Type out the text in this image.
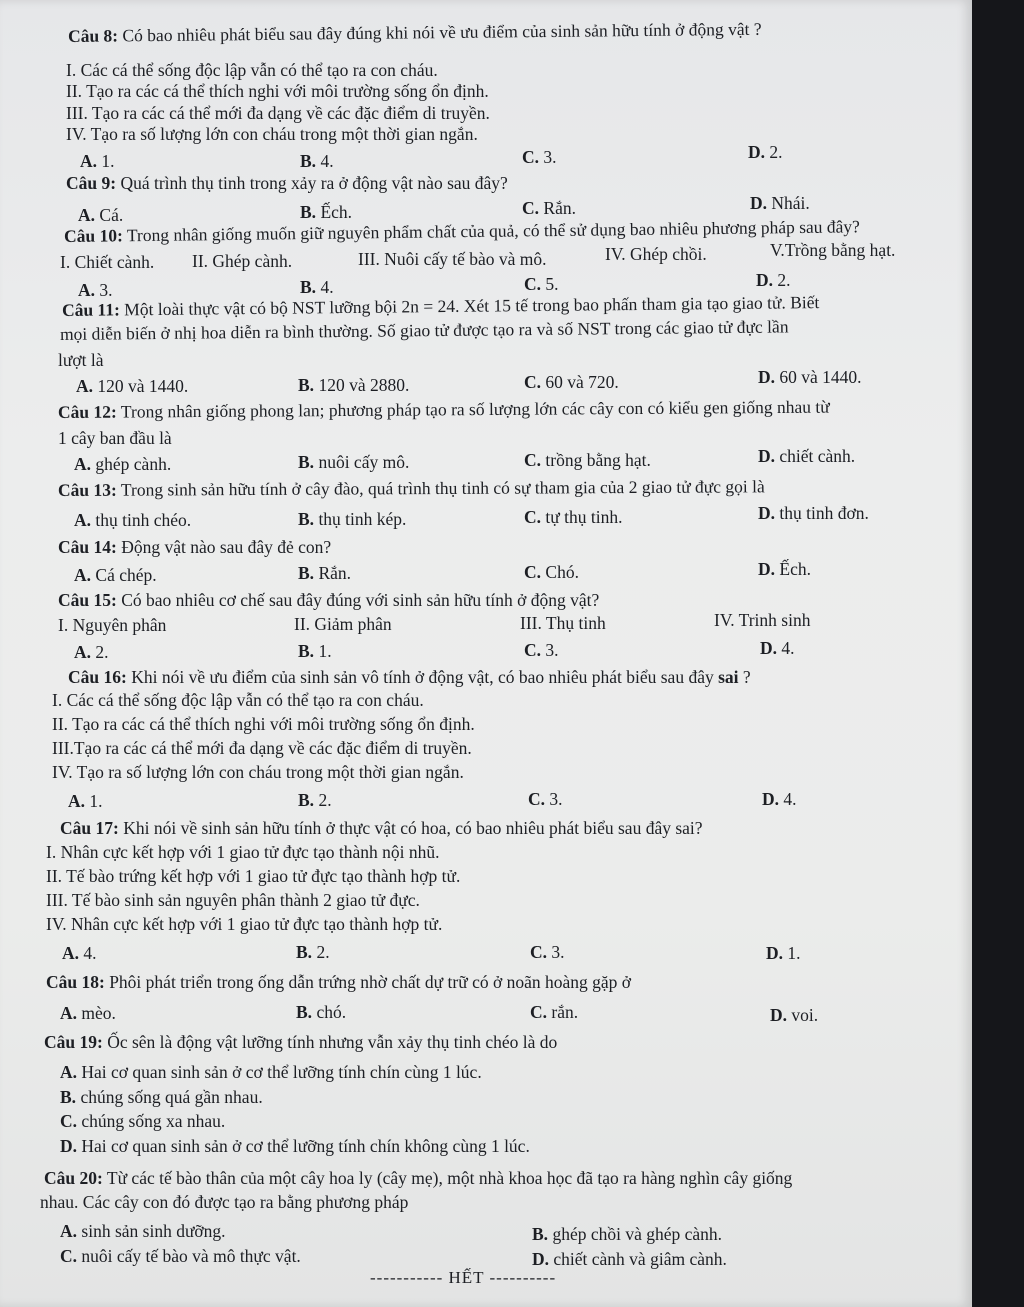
Câu 8: Có bao nhiêu phát biểu sau đây đúng khi nói về ưu điểm của sinh sản hữu tính ở động vật ?
I. Các cá thể sống độc lập vẫn có thể tạo ra con cháu.
II. Tạo ra các cá thể thích nghi với môi trường sống ổn định.
III. Tạo ra các cá thể mới đa dạng về các đặc điểm di truyền.
IV. Tạo ra số lượng lớn con cháu trong một thời gian ngắn.
A. 1.	B. 4.	C. 3.	D. 2.
Câu 9: Quá trình thụ tinh trong xảy ra ở động vật nào sau đây?
A. Cá.	B. Ếch.	C. Rắn.	D. Nhái.
Câu 10: Trong nhân giống muốn giữ nguyên phẩm chất của quả, có thể sử dụng bao nhiêu phương pháp sau đây?
I. Chiết cành. II. Ghép cành.	III. Nuôi cấy tế bào và mô.	IV. Ghép chồi.	V.Trồng bằng hạt.
A. 3.	B. 4.	C. 5.	D. 2.
Câu 11: Một loài thực vật có bộ NST lưỡng bội 2n = 24. Xét 15 tế trong bao phấn tham gia tạo giao tử. Biết
mọi diễn biến ở nhị hoa diễn ra bình thường. Số giao tử được tạo ra và số NST trong các giao tử đực lần
lượt là
A. 120 và 1440.	B. 120 và 2880.	C. 60 và 720.	D. 60 và 1440.
Câu 12: Trong nhân giống phong lan; phương pháp tạo ra số lượng lớn các cây con có kiểu gen giống nhau từ
1 cây ban đầu là
A. ghép cành.	B. nuôi cấy mô.	C. trồng bằng hạt.	D. chiết cành.
Câu 13: Trong sinh sản hữu tính ở cây đào, quá trình thụ tinh có sự tham gia của 2 giao tử đực gọi là
A. thụ tinh chéo.	B. thụ tinh kép.	C. tự thụ tinh.	D. thụ tinh đơn.
Câu 14: Động vật nào sau đây đẻ con?
A. Cá chép.	B. Rắn.	C. Chó.	D. Ếch.
Câu 15: Có bao nhiêu cơ chế sau đây đúng với sinh sản hữu tính ở động vật?
I. Nguyên phân	II. Giảm phân	III. Thụ tinh	IV. Trinh sinh
A. 2.	B. 1.	C. 3.	D. 4.
Câu 16: Khi nói về ưu điểm của sinh sản vô tính ở động vật, có bao nhiêu phát biểu sau đây sai ?
I. Các cá thể sống độc lập vẫn có thể tạo ra con cháu.
II. Tạo ra các cá thể thích nghi với môi trường sống ổn định.
III.Tạo ra các cá thể mới đa dạng về các đặc điểm di truyền.
IV. Tạo ra số lượng lớn con cháu trong một thời gian ngắn.
A. 1.	B. 2.	C. 3.	D. 4.
Câu 17: Khi nói về sinh sản hữu tính ở thực vật có hoa, có bao nhiêu phát biểu sau đây sai?
I. Nhân cực kết hợp với 1 giao tử đực tạo thành nội nhũ.
II. Tế bào trứng kết hợp với 1 giao tử đực tạo thành hợp tử.
III. Tế bào sinh sản nguyên phân thành 2 giao tử đực.
IV. Nhân cực kết hợp với 1 giao tử đực tạo thành hợp tử.
A. 4.	B. 2.	C. 3.	D. 1.
Câu 18: Phôi phát triển trong ống dẫn trứng nhờ chất dự trữ có ở noãn hoàng gặp ở
A. mèo.	B. chó.	C. rắn.	D. voi.
Câu 19: Ốc sên là động vật lưỡng tính nhưng vẫn xảy thụ tinh chéo là do
A. Hai cơ quan sinh sản ở cơ thể lưỡng tính chín cùng 1 lúc.
B. chúng sống quá gần nhau.
C. chúng sống xa nhau.
D. Hai cơ quan sinh sản ở cơ thể lưỡng tính chín không cùng 1 lúc.
Câu 20: Từ các tế bào thân của một cây hoa ly (cây mẹ), một nhà khoa học đã tạo ra hàng nghìn cây giống
nhau. Các cây con đó được tạo ra bằng phương pháp
A. sinh sản sinh dưỡng.	B. ghép chồi và ghép cành.
C. nuôi cấy tế bào và mô thực vật.	D. chiết cành và giâm cành.
----------- HẾT ----------
